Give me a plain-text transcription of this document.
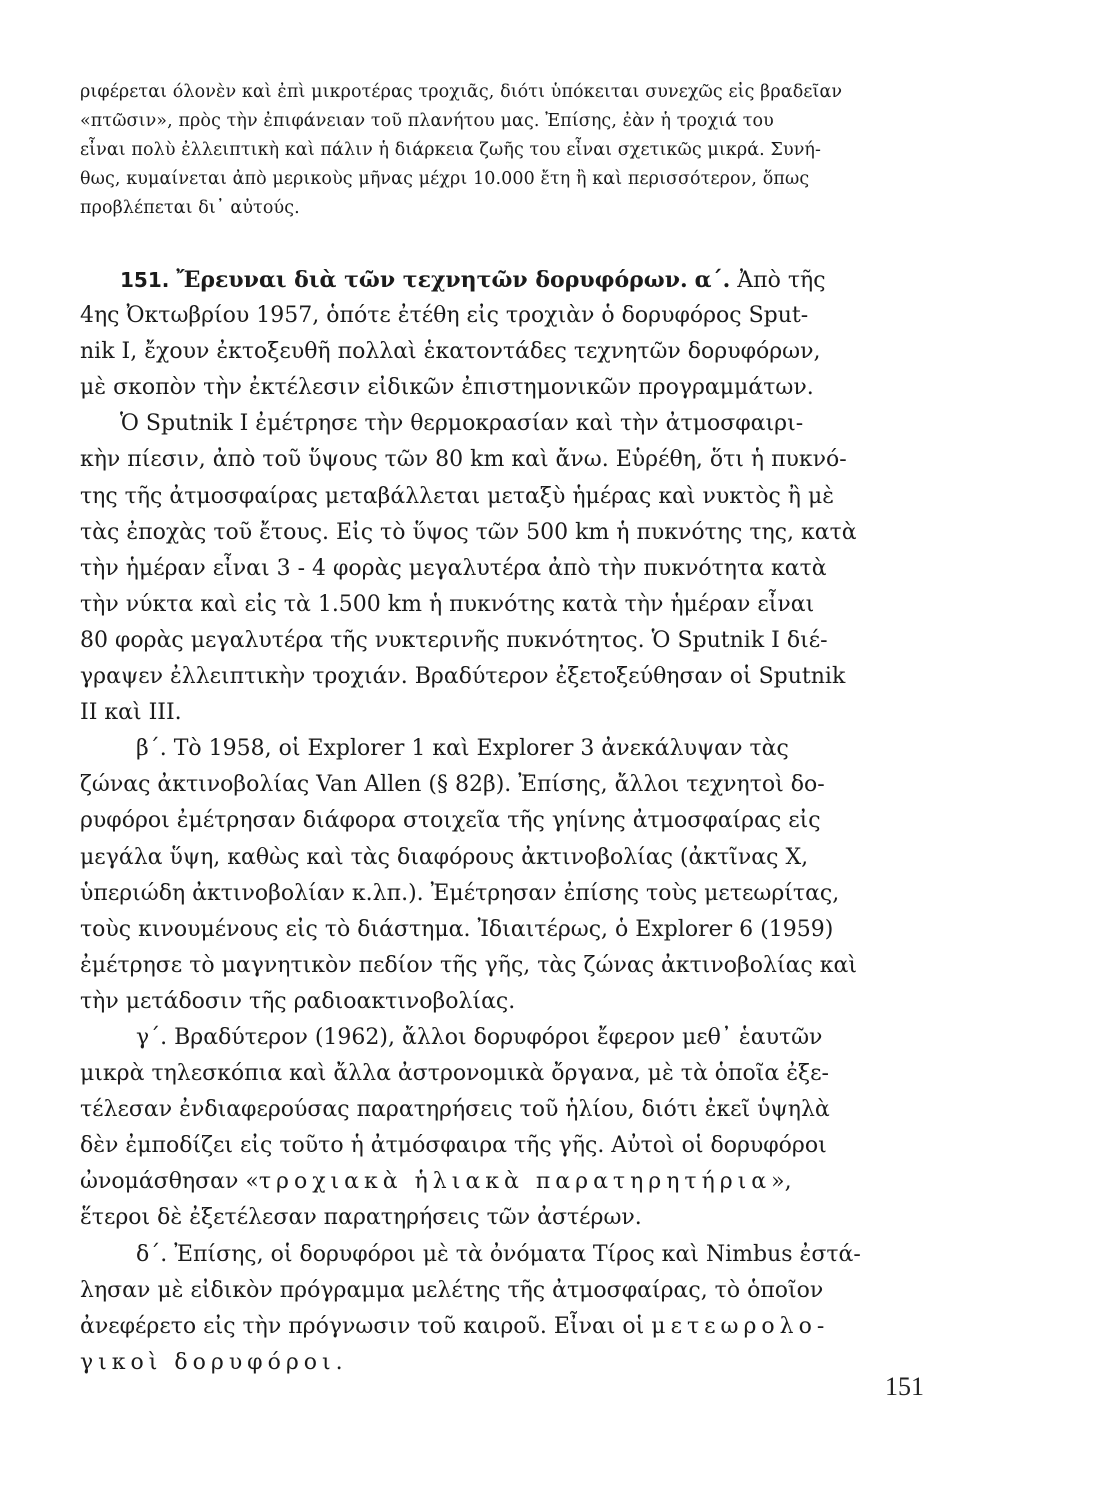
ριφέρεται όλονὲν καὶ ἐπὶ μικροτέρας τροχιᾶς, διότι ὑπόκειται συνεχῶς εἰς βραδεῖαν
«πτῶσιν», πρὸς τὴν ἐπιφάνειαν τοῦ πλανήτου μας. Ἐπίσης, ἐὰν ἡ τροχιά του
εἶναι πολὺ ἐλλειπτικὴ καὶ πάλιν ἡ διάρκεια ζωῆς του εἶναι σχετικῶς μικρά. Συνή-
θως, κυμαίνεται ἀπὸ μερικοὺς μῆνας μέχρι 10.000 ἔτη ἢ καὶ περισσότερον, ὅπως
προβλέπεται δι᾽ αὐτούς.
151. Ἔρευναι διὰ τῶν τεχνητῶν δορυφόρων. α΄. Ἀπὸ τῆς
4ης Ὀκτωβρίου 1957, ὁπότε ἐτέθη εἰς τροχιὰν ὁ δορυφόρος Sput-
nik I, ἔχουν ἐκτοξευθῆ πολλαὶ ἑκατοντάδες τεχνητῶν δορυφόρων,
μὲ σκοπὸν τὴν ἐκτέλεσιν εἰδικῶν ἐπιστημονικῶν προγραμμάτων.
Ὁ Sputnik I ἐμέτρησε τὴν θερμοκρασίαν καὶ τὴν ἀτμοσφαιρι-
κὴν πίεσιν, ἀπὸ τοῦ ὕψους τῶν 80 km καὶ ἄνω. Εὑρέθη, ὅτι ἡ πυκνό-
της τῆς ἀτμοσφαίρας μεταβάλλεται μεταξὺ ἡμέρας καὶ νυκτὸς ἢ μὲ
τὰς ἐποχὰς τοῦ ἔτους. Εἰς τὸ ὕψος τῶν 500 km ἡ πυκνότης της, κατὰ
τὴν ἡμέραν εἶναι 3 - 4 φορὰς μεγαλυτέρα ἀπὸ τὴν πυκνότητα κατὰ
τὴν νύκτα καὶ εἰς τὰ 1.500 km ἡ πυκνότης κατὰ τὴν ἡμέραν εἶναι
80 φορὰς μεγαλυτέρα τῆς νυκτερινῆς πυκνότητος. Ὁ Sputnik I διέ-
γραψεν ἐλλειπτικὴν τροχιάν. Βραδύτερον ἐξετοξεύθησαν οἱ Sputnik
II καὶ III.
β΄. Τὸ 1958, οἱ Explorer 1 καὶ Explorer 3 ἀνεκάλυψαν τὰς
ζώνας ἀκτινοβολίας Van Allen (§ 82β). Ἐπίσης, ἄλλοι τεχνητοὶ δο-
ρυφόροι ἐμέτρησαν διάφορα στοιχεῖα τῆς γηίνης ἀτμοσφαίρας εἰς
μεγάλα ὕψη, καθὼς καὶ τὰς διαφόρους ἀκτινοβολίας (ἀκτῖνας Χ,
ὑπεριώδη ἀκτινοβολίαν κ.λπ.). Ἐμέτρησαν ἐπίσης τοὺς μετεωρίτας,
τοὺς κινουμένους εἰς τὸ διάστημα. Ἰδιαιτέρως, ὁ Explorer 6 (1959)
ἐμέτρησε τὸ μαγνητικὸν πεδίον τῆς γῆς, τὰς ζώνας ἀκτινοβολίας καὶ
τὴν μετάδοσιν τῆς ραδιοακτινοβολίας.
γ΄. Βραδύτερον (1962), ἄλλοι δορυφόροι ἔφερον μεθ᾽ ἑαυτῶν
μικρὰ τηλεσκόπια καὶ ἄλλα ἀστρονομικὰ ὄργανα, μὲ τὰ ὁποῖα ἐξε-
τέλεσαν ἐνδιαφερούσας παρατηρήσεις τοῦ ἡλίου, διότι ἐκεῖ ὑψηλὰ
δὲν ἐμποδίζει εἰς τοῦτο ἡ ἀτμόσφαιρα τῆς γῆς. Αὐτοὶ οἱ δορυφόροι
ὠνομάσθησαν «τροχιακὰ ἡλιακὰ παρατηρητήρια»,
ἕτεροι δὲ ἐξετέλεσαν παρατηρήσεις τῶν ἀστέρων.
δ΄. Ἐπίσης, οἱ δορυφόροι μὲ τὰ ὀνόματα Τίρος καὶ Nimbus ἐστά-
λησαν μὲ εἰδικὸν πρόγραμμα μελέτης τῆς ἀτμοσφαίρας, τὸ ὁποῖον
ἀνεφέρετο εἰς τὴν πρόγνωσιν τοῦ καιροῦ. Εἶναι οἱ μετεωρολο-
γικοὶ δορυφόροι.
151
